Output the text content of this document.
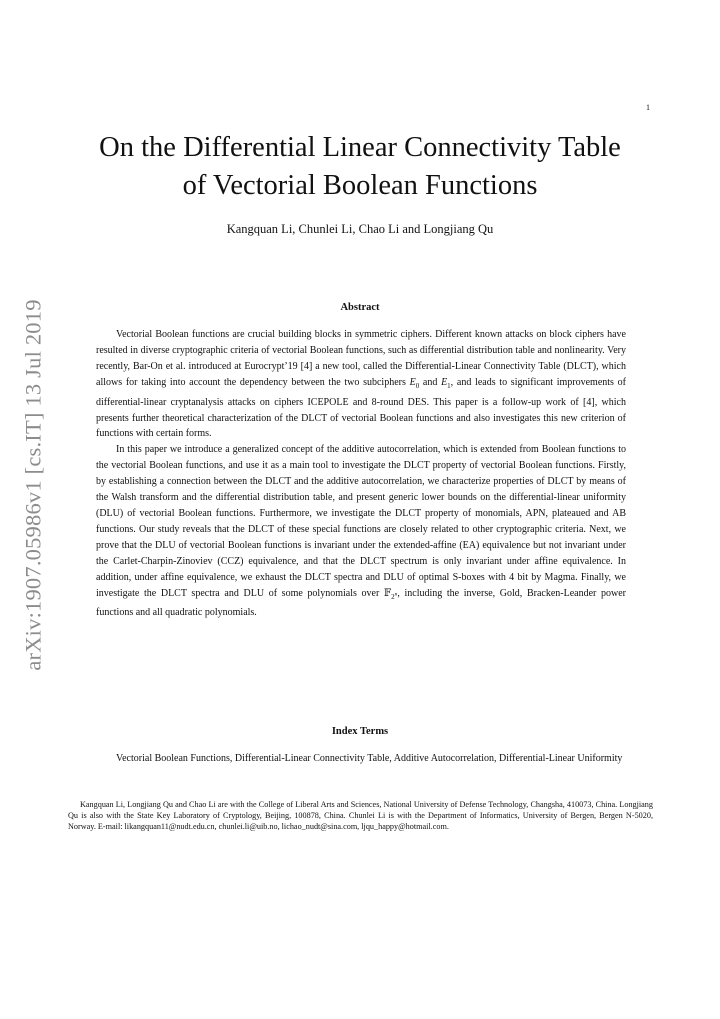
1
arXiv:1907.05986v1 [cs.IT] 13 Jul 2019
On the Differential Linear Connectivity Table
of Vectorial Boolean Functions
Kangquan Li, Chunlei Li, Chao Li and Longjiang Qu
Abstract

Vectorial Boolean functions are crucial building blocks in symmetric ciphers. Different known attacks on block ciphers have resulted in diverse cryptographic criteria of vectorial Boolean functions, such as differential distribution table and nonlinearity. Very recently, Bar-On et al. introduced at Eurocrypt’19 [4] a new tool, called the Differential-Linear Connectivity Table (DLCT), which allows for taking into account the dependency between the two subciphers $E_0$ and $E_1$, and leads to significant improvements of differential-linear cryptanalysis attacks on ciphers ICEPOLE and 8-round DES. This paper is a follow-up work of [4], which presents further theoretical characterization of the DLCT of vectorial Boolean functions and also investigates this new criterion of functions with certain forms.

In this paper we introduce a generalized concept of the additive autocorrelation, which is extended from Boolean functions to the vectorial Boolean functions, and use it as a main tool to investigate the DLCT property of vectorial Boolean functions. Firstly, by establishing a connection between the DLCT and the additive autocorrelation, we characterize properties of DLCT by means of the Walsh transform and the differential distribution table, and present generic lower bounds on the differential-linear uniformity (DLU) of vectorial Boolean functions. Furthermore, we investigate the DLCT property of monomials, APN, plateaued and AB functions. Our study reveals that the DLCT of these special functions are closely related to other cryptographic criteria. Next, we prove that the DLU of vectorial Boolean functions is invariant under the extended-affine (EA) equivalence but not invariant under the Carlet-Charpin-Zinoviev (CCZ) equivalence, and that the DLCT spectrum is only invariant under affine equivalence. In addition, under affine equivalence, we exhaust the DLCT spectra and DLU of optimal S-boxes with 4 bit by Magma. Finally, we investigate the DLCT spectra and DLU of some polynomials over 𝔽$_{2^n}$, including the inverse, Gold, Bracken-Leander power functions and all quadratic polynomials.

Index Terms

Vectorial Boolean Functions, Differential-Linear Connectivity Table, Additive Autocorrelation, Differential-Linear Uniformity

Kangquan Li, Longjiang Qu and Chao Li are with the College of Liberal Arts and Sciences, National University of Defense Technology, Changsha, 410073, China. Longjiang Qu is also with the State Key Laboratory of Cryptology, Beijing, 100878, China. Chunlei Li is with the Department of Informatics, University of Bergen, Bergen N-5020, Norway. E-mail: likangquan11@nudt.edu.cn, chunlei.li@uib.no, lichao_nudt@sina.com, ljqu_happy@hotmail.com.
